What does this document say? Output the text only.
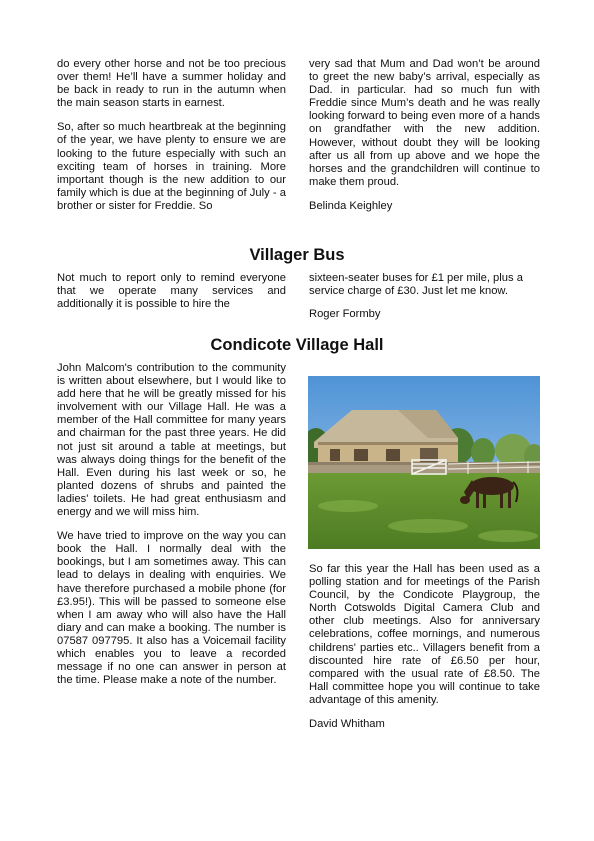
do every other horse and not be too precious over them! He’ll have a summer holiday and be back in ready to run in the autumn when the main season starts in earnest.

So, after so much heartbreak at the beginning of the year, we have plenty to ensure we are looking to the future especially with such an exciting team of horses in training. More important though is the new addition to our family which is due at the beginning of July - a brother or sister for Freddie. So

very sad that Mum and Dad won’t be around to greet the new baby’s arrival, especially as Dad. in particular. had so much fun with Freddie since Mum’s death and he was really looking forward to being even more of a hands on grandfather with the new addition. However, without doubt they will be looking after us all from up above and we hope the horses and the grandchildren will continue to make them proud.

Belinda Keighley

Villager Bus

Not much to report only to remind everyone that we operate many services and additionally it is possible to hire the

sixteen-seater buses for £1 per mile, plus a service charge of £30. Just let me know.

Roger Formby

Condicote Village Hall

John Malcom's contribution to the community is written about elsewhere, but I would like to add here that he will be greatly missed for his involvement with our Village Hall. He was a member of the Hall committee for many years and chairman for the past three years. He did not just sit around a table at meetings, but was always doing things for the benefit of the Hall. Even during his last week or so, he planted dozens of shrubs and painted the ladies' toilets. He had great enthusiasm and energy and we will miss him.

We have tried to improve on the way you can book the Hall. I normally deal with the bookings, but I am sometimes away. This can lead to delays in dealing with enquiries. We have therefore purchased a mobile phone (for £3.95!). This will be passed to someone else when I am away who will also have the Hall diary and can make a booking. The number is 07587 097795. It also has a Voicemail facility which enables you to leave a recorded message if no one can answer in person at the time. Please make a note of the number.

So far this year the Hall has been used as a polling station and for meetings of the Parish Council, by the Condicote Playgroup, the North Cotswolds Digital Camera Club and other club meetings. Also for anniversary celebrations, coffee mornings, and numerous childrens' parties etc.. Villagers benefit from a discounted hire rate of £6.50 per hour, compared with the usual rate of £8.50. The Hall committee hope you will continue to take advantage of this amenity.

David Whitham
